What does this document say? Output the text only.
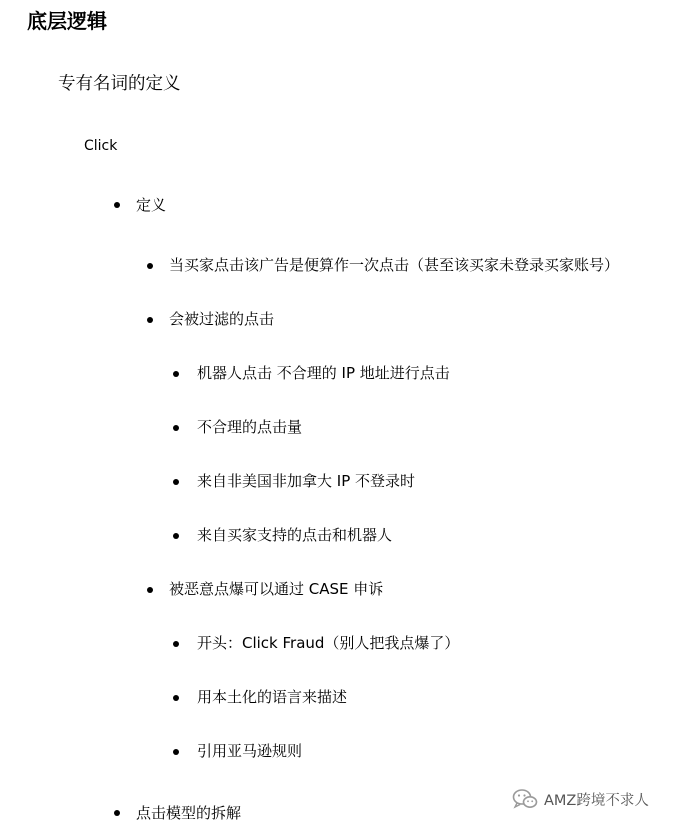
底层逻辑
专有名词的定义
Click
定义
当买家点击该广告是便算作一次点击（甚至该买家未登录买家账号）
会被过滤的点击
机器人点击 不合理的 IP 地址进行点击
不合理的点击量
来自非美国非加拿大 IP 不登录时
来自买家支持的点击和机器人
被恶意点爆可以通过 CASE 申诉
开头：Click Fraud（别人把我点爆了）
用本土化的语言来描述
引用亚马逊规则
点击模型的拆解
AMZ跨境不求人
